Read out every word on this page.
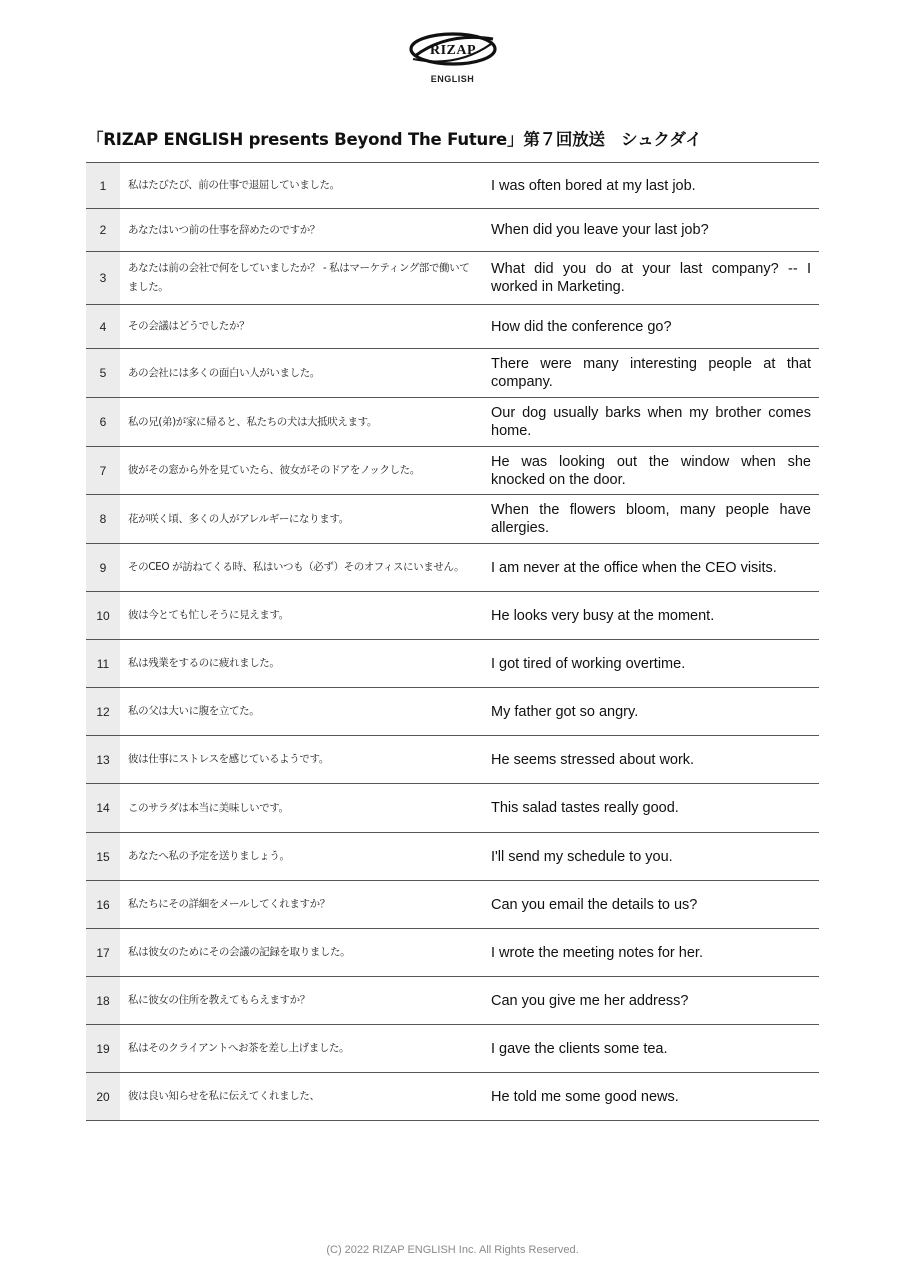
RIZAP
ENGLISH
「RIZAP ENGLISH presents Beyond The Future」第７回放送　シュクダイ
1	私はたびたび、前の仕事で退屈していました。	I was often bored at my last job.
2	あなたはいつ前の仕事を辞めたのですか？	When did you leave your last job?
3	あなたは前の会社で何をしていましたか？ - 私はマーケティング部で働いてました。	What did you do at your last company? -- I worked in Marketing.
4	その会議はどうでしたか？	How did the conference go?
5	あの会社には多くの面白い人がいました。	There were many interesting people at that company.
6	私の兄(弟)が家に帰ると、私たちの犬は大抵吠えます。	Our dog usually barks when my brother comes home.
7	彼がその窓から外を見ていたら、彼女がそのドアをノックした。	He was looking out the window when she knocked on the door.
8	花が咲く頃、多くの人がアレルギーになります。	When the flowers bloom, many people have allergies.
9	そのCEO が訪ねてくる時、私はいつも（必ず）そのオフィスにいません。	I am never at the office when the CEO visits.
10	彼は今とても忙しそうに見えます。	He looks very busy at the moment.
11	私は残業をするのに疲れました。	I got tired of working overtime.
12	私の父は大いに腹を立てた。	My father got so angry.
13	彼は仕事にストレスを感じているようです。	He seems stressed about work.
14	このサラダは本当に美味しいです。	This salad tastes really good.
15	あなたへ私の予定を送りましょう。	I'll send my schedule to you.
16	私たちにその詳細をメールしてくれますか？	Can you email the details to us?
17	私は彼女のためにその会議の記録を取りました。	I wrote the meeting notes for her.
18	私に彼女の住所を教えてもらえますか？	Can you give me her address?
19	私はそのクライアントへお茶を差し上げました。	I gave the clients some tea.
20	彼は良い知らせを私に伝えてくれました、	He told me some good news.
(C) 2022 RIZAP ENGLISH Inc. All Rights Reserved.
